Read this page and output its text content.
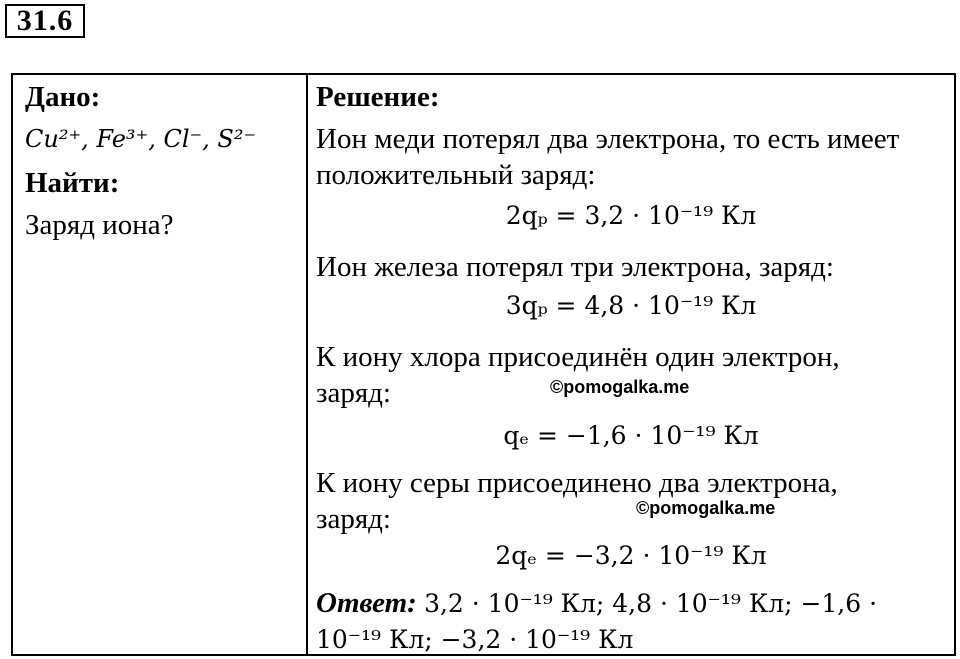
31.6
Дано:
Cu²⁺, Fe³⁺, Cl⁻, S²⁻
Найти:
Заряд иона?
Решение:
Ион меди потерял два электрона, то есть имеет
положительный заряд:
2qₚ = 3,2 · 10⁻¹⁹ Кл
Ион железа потерял три электрона, заряд:
3qₚ = 4,8 · 10⁻¹⁹ Кл
К иону хлора присоединён один электрон,
заряд:	©pomogalka.me
qₑ = −1,6 · 10⁻¹⁹ Кл
К иону серы присоединено два электрона,
заряд:	©pomogalka.me
2qₑ = −3,2 · 10⁻¹⁹ Кл
Ответ: 3,2 · 10⁻¹⁹ Кл; 4,8 · 10⁻¹⁹ Кл; −1,6 ·
10⁻¹⁹ Кл; −3,2 · 10⁻¹⁹ Кл
